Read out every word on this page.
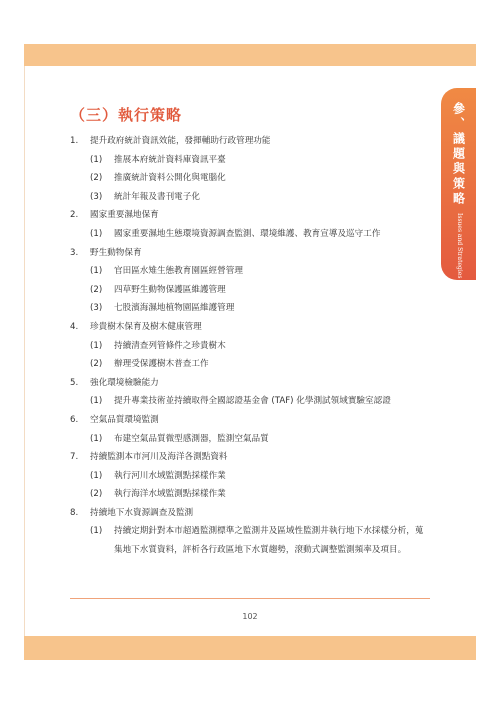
參、議題與策略
Issues and Strategies
（三）執行策略
1.	提升政府統計資訊效能，發揮輔助行政管理功能
(1)	推展本府統計資料庫資訊平臺
(2)	推廣統計資料公開化與電腦化
(3)	統計年報及書刊電子化
2.	國家重要濕地保育
(1)	國家重要濕地生態環境資源調查監測、環境維護、教育宣導及巡守工作
3.	野生動物保育
(1)	官田區水雉生態教育園區經營管理
(2)	四草野生動物保護區維護管理
(3)	七股濱海濕地植物園區維護管理
4.	珍貴樹木保育及樹木健康管理
(1)	持續清查列管條件之珍貴樹木
(2)	辦理受保護樹木普查工作
5.	強化環境檢驗能力
(1)	提升專業技術並持續取得全國認證基金會 (TAF) 化學測試領域實驗室認證
6.	空氣品質環境監測
(1)	布建空氣品質微型感測器，監測空氣品質
7.	持續監測本市河川及海洋各測點資料
(1)	執行河川水域監測點採樣作業
(2)	執行海洋水域監測點採樣作業
8.	持續地下水資源調查及監測
(1)	持續定期針對本市超過監測標準之監測井及區域性監測井執行地下水採樣分析，蒐集地下水質資料，評析各行政區地下水質趨勢，滾動式調整監測頻率及項目。
102
